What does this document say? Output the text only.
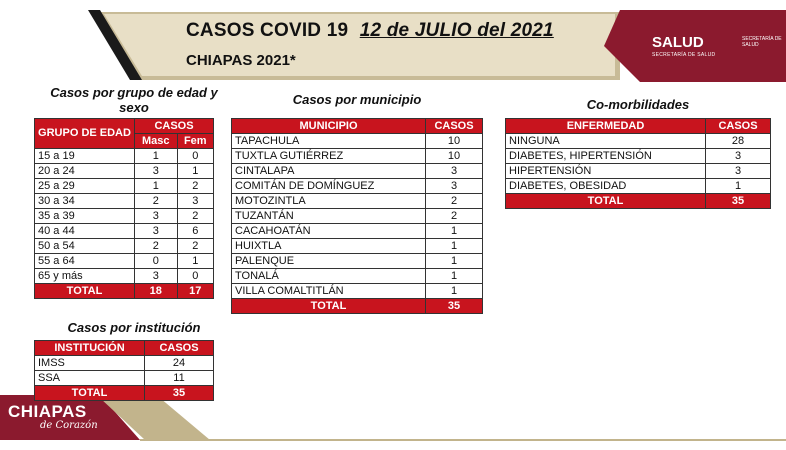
SALUD
SECRETARÍA DE SALUD
SECRETARÍA DE SALUD
CHIAPAS
de Corazón
CASOS COVID 19 12 de JULIO del 2021
CHIAPAS 2021*
Casos por grupo de edad y sexo
GRUPO DE EDAD	CASOS	
	Masc	Fem
15 a 19	1	0
20 a 24	3	1
25 a 29	1	2
30 a 34	2	3
35 a 39	3	2
40 a 44	3	6
50 a 54	2	2
55 a 64	0	1
65 y más	3	0
TOTAL	18	17
Casos por institución
INSTITUCIÓN	CASOS
IMSS	24
SSA	11
TOTAL	35
Casos por municipio
MUNICIPIO	CASOS
TAPACHULA	10
TUXTLA GUTIÉRREZ	10
CINTALAPA	3
COMITÁN DE DOMÍNGUEZ	3
MOTOZINTLA	2
TUZANTÁN	2
CACAHOATÁN	1
HUIXTLA	1
PALENQUE	1
TONALÁ	1
VILLA COMALTITLÁN	1
TOTAL	35
Co-morbilidades
ENFERMEDAD	CASOS
NINGUNA	28
DIABETES, HIPERTENSIÓN	3
HIPERTENSIÓN	3
DIABETES, OBESIDAD	1
TOTAL	35
